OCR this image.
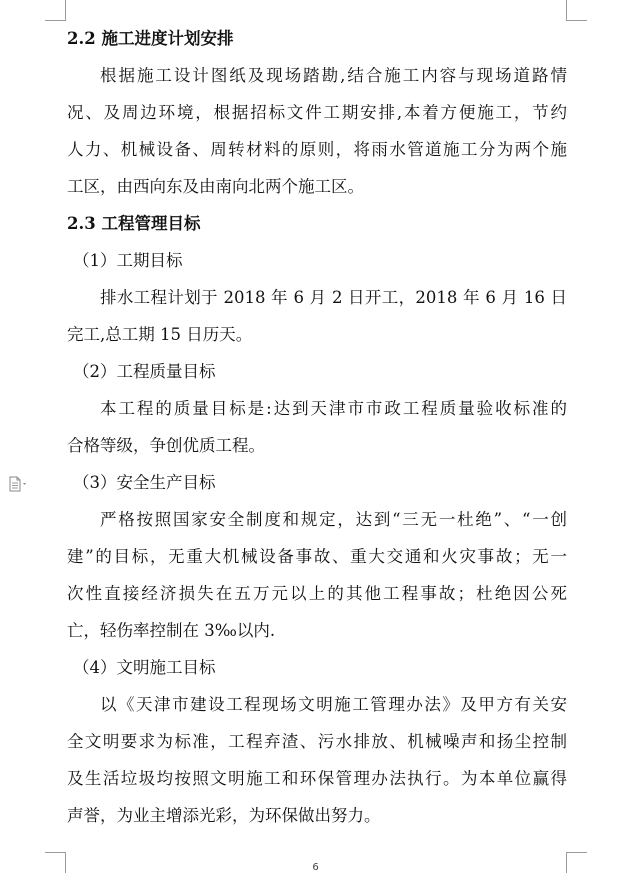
2.2 施工进度计划安排

根据施工设计图纸及现场踏勘,结合施工内容与现场道路情
况、及周边环境，根据招标文件工期安排,本着方便施工，节约
人力、机械设备、周转材料的原则，将雨水管道施工分为两个施
工区，由西向东及由南向北两个施工区。

2.3 工程管理目标

（1）工期目标

排水工程计划于 2018 年 6 月 2 日开工，2018 年 6 月 16 日
完工,总工期 15 日历天。

（2）工程质量目标

本工程的质量目标是:达到天津市市政工程质量验收标准的
合格等级，争创优质工程。

（3）安全生产目标

严格按照国家安全制度和规定，达到“三无一杜绝”、“一创
建”的目标，无重大机械设备事故、重大交通和火灾事故；无一
次性直接经济损失在五万元以上的其他工程事故；杜绝因公死
亡，轻伤率控制在 3‰以内.

（4）文明施工目标

以《天津市建设工程现场文明施工管理办法》及甲方有关安
全文明要求为标准，工程弃渣、污水排放、机械噪声和扬尘控制
及生活垃圾均按照文明施工和环保管理办法执行。为本单位赢得
声誉，为业主增添光彩，为环保做出努力。

6
